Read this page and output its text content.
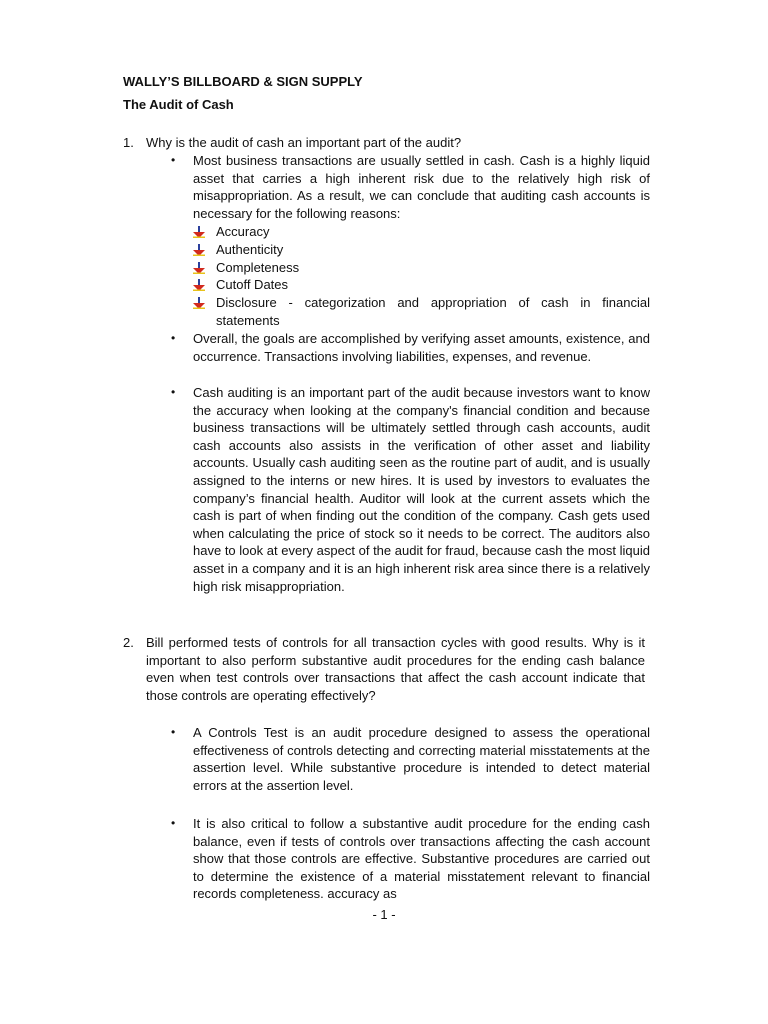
WALLY’S BILLBOARD & SIGN SUPPLY
The Audit of Cash
1. Why is the audit of cash an important part of the audit?
• Most business transactions are usually settled in cash. Cash is a highly liquid asset that carries a high inherent risk due to the relatively high risk of misappropriation. As a result, we can conclude that auditing cash accounts is necessary for the following reasons:
Accuracy
Authenticity
Completeness
Cutoff Dates
Disclosure - categorization and appropriation of cash in financial statements
• Overall, the goals are accomplished by verifying asset amounts, existence, and occurrence. Transactions involving liabilities, expenses, and revenue.
• Cash auditing is an important part of the audit because investors want to know the accuracy when looking at the company's financial condition and because business transactions will be ultimately settled through cash accounts, audit cash accounts also assists in the verification of other asset and liability accounts. Usually cash auditing seen as the routine part of audit, and is usually assigned to the interns or new hires. It is used by investors to evaluates the company’s financial health. Auditor will look at the current assets which the cash is part of when finding out the condition of the company. Cash gets used when calculating the price of stock so it needs to be correct. The auditors also have to look at every aspect of the audit for fraud, because cash the most liquid asset in a company and it is an high inherent risk area since there is a relatively high risk misappropriation.
2. Bill performed tests of controls for all transaction cycles with good results. Why is it important to also perform substantive audit procedures for the ending cash balance even when test controls over transactions that affect the cash account indicate that those controls are operating effectively?
• A Controls Test is an audit procedure designed to assess the operational effectiveness of controls detecting and correcting material misstatements at the assertion level. While substantive procedure is intended to detect material errors at the assertion level.
• It is also critical to follow a substantive audit procedure for the ending cash balance, even if tests of controls over transactions affecting the cash account show that those controls are effective. Substantive procedures are carried out to determine the existence of a material misstatement relevant to financial records completeness. accuracy as
- 1 -
